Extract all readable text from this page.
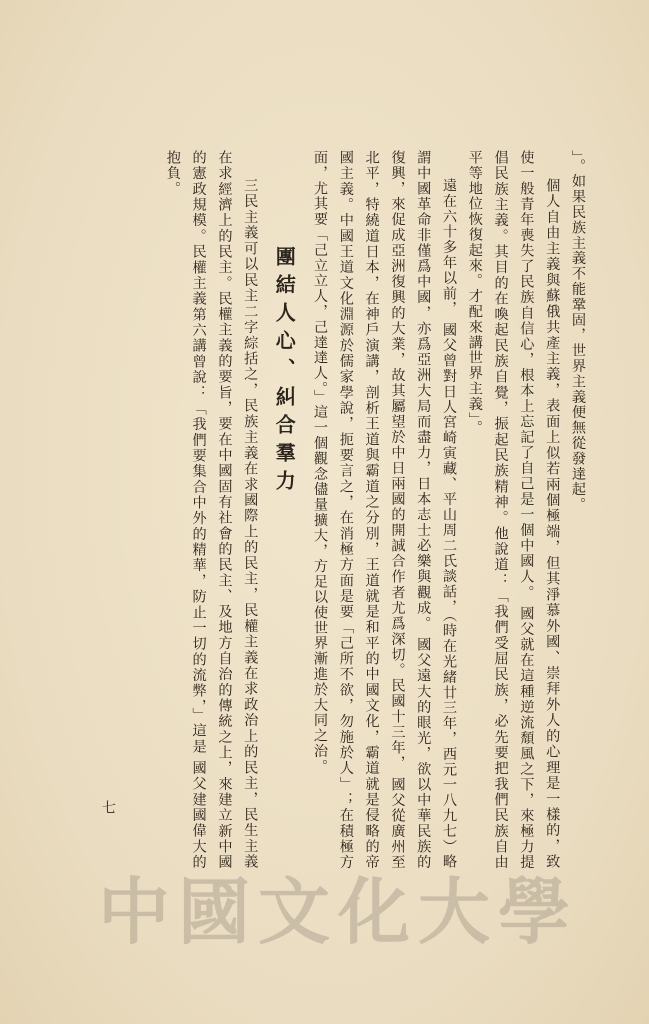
」。如果民族主義不能鞏固，世界主義便無從發達起。

個人自由主義與蘇俄共產主義，表面上似若兩個極端，但其淨慕外國、崇拜外人的心理是一樣的，致使一般青年喪失了民族自信心，根本上忘記了自己是一個中國人。 國父就在這種逆流頹風之下，來極力提倡民族主義。其目的在喚起民族自覺，振起民族精神。他說道：「我們受屈民族，必先要把我們民族自由平等地位恢復起來。才配來講世界主義」。

遠在六十多年以前， 國父曾對日人宮崎寅藏、平山周二氏談話，（時在光緒廿三年，西元一八九七）略謂中國革命非僅爲中國，亦爲亞洲大局而盡力，日本志士必樂與觀成。 國父遠大的眼光，欲以中華民族的復興，來促成亞洲復興的大業，故其屬望於中日兩國的開誠合作者尤爲深切。民國十三年， 國父從廣州至北平，特繞道日本，在神戶演講，剖析王道與霸道之分別，王道就是和平的中國文化，霸道就是侵略的帝國主義。中國王道文化淵源於儒家學說，扼要言之，在消極方面是要「己所不欲，勿施於人」；在積極方面，尤其要「己立立人，己達達人。」這一個觀念儘量擴大，方足以使世界漸進於大同之治。

團結人心、糾合羣力

三民主義可以民主二字綜括之，民族主義在求國際上的民主，民權主義在求政治上的民主，民生主義在求經濟上的民主。民權主義的要旨，要在中國固有社會的民主、及地方自治的傳統之上，來建立新中國的憲政規模。民權主義第六講曾說：「我們要集合中外的精華，防止一切的流弊，」這是 國父建國偉大的抱負。

七
中國文化大學
